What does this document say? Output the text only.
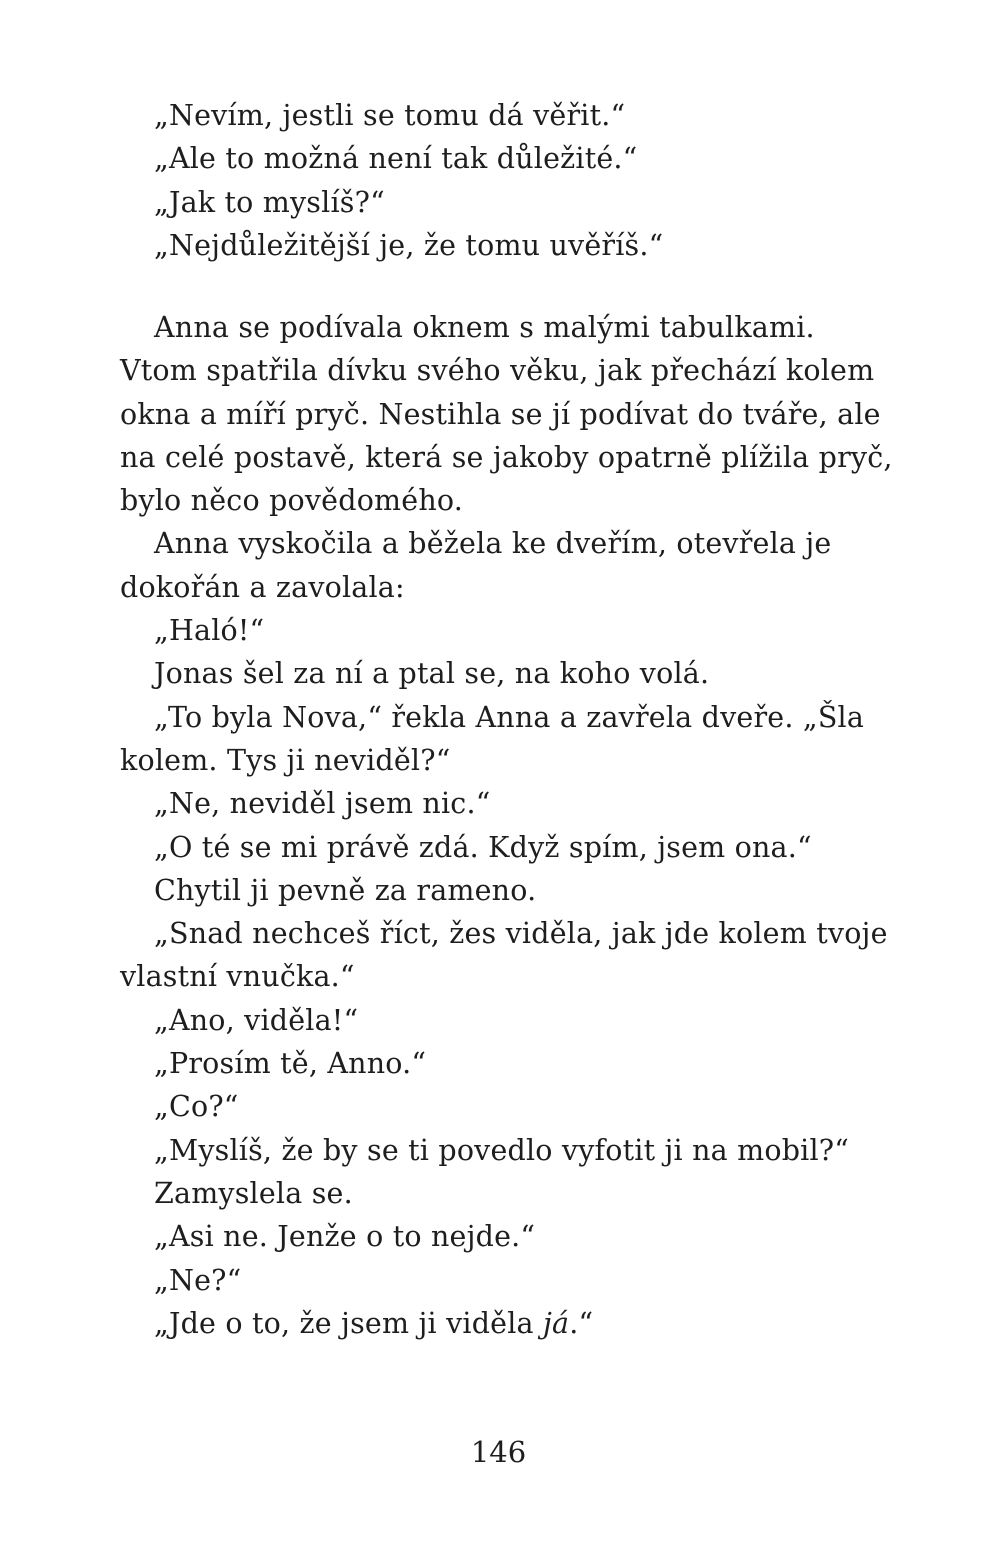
„Nevím, jestli se tomu dá věřit.“
„Ale to možná není tak důležité.“
„Jak to myslíš?“
„Nejdůležitější je, že tomu uvěříš.“
Anna se podívala oknem s malými tabulkami.
Vtom spatřila dívku svého věku, jak přechází kolem
okna a míří pryč. Nestihla se jí podívat do tváře, ale
na celé postavě, která se jakoby opatrně plížila pryč,
bylo něco povědomého.
Anna vyskočila a běžela ke dveřím, otevřela je
dokořán a zavolala:
„Haló!“
Jonas šel za ní a ptal se, na koho volá.
„To byla Nova,“ řekla Anna a zavřela dveře. „Šla
kolem. Tys ji neviděl?“
„Ne, neviděl jsem nic.“
„O té se mi právě zdá. Když spím, jsem ona.“
Chytil ji pevně za rameno.
„Snad nechceš říct, žes viděla, jak jde kolem tvoje
vlastní vnučka.“
„Ano, viděla!“
„Prosím tě, Anno.“
„Co?“
„Myslíš, že by se ti povedlo vyfotit ji na mobil?“
Zamyslela se.
„Asi ne. Jenže o to nejde.“
„Ne?“
„Jde o to, že jsem ji viděla já.“
146
